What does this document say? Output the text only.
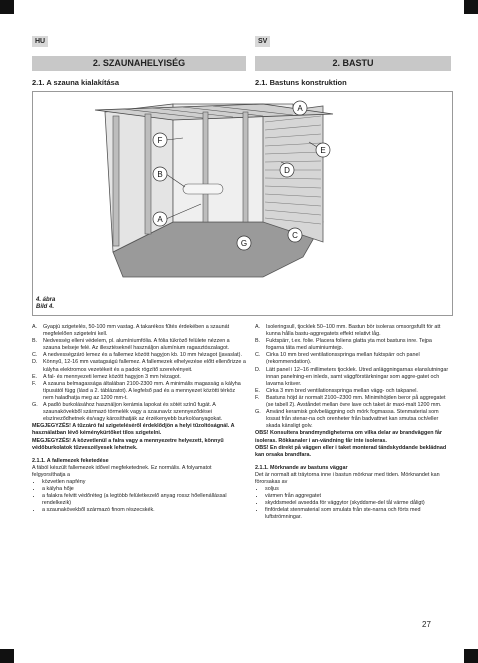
HU	SV
2. SZAUNAHELYISÉG	2. BASTU
2.1. A szauna kialakítása	2.1. Bastuns konstruktion
A
E
D
C
F
B
A
G
4. ábra
Bild 4.
A.	Gyapjú szigetelés, 50-100 mm vastag. A takarékos fűtés érdekében a szaunát megfelelően szigetelni kell.
B.	Nedvesség elleni védelem, pl. alumíniumfólia. A fólia tükröző felülete nézzen a szauna belseje felé. Az illesztéseknél használjon alumínium ragasztószalagot.
C.	A nedvességzáró lemez és a fallemez között hagyjon kb. 10 mm hézagot (javaslat).
D.	Könnyű, 12-16 mm vastagságú fallemez. A fallemezek elhelyezése előtt ellenőrizze a kályha elektromos vezetékeit és a padok rögzítő szerelvényeit.
E.	A fal- és mennyezeti lemez között hagyjon 3 mm hézagot.
F.	A szauna belmagassága általában 2100-2300 mm. A minimális magasság a kályha típusától függ (lásd a 2. táblázatot). A legfelső pad és a mennyezet közötti térköz nem haladhatja meg az 1200 mm-t.
G. A padló burkolásához használjon kerámia lapokat és sötét színű fugát. A szaunakövekből származó törmelék vagy a szaunavíz szennyeződései elszíneződhetnek és/vagy károsíthatják az érzékenyebb burkolóanyagokat.
MEGJEGYZÉS! A tűzzáró fal szigeteléséről érdeklődjön a helyi tűzoltóságnál. A használatban lévő kéménykürtőket tilos szigetelni.
MEGJEGYZÉS! A közvetlenül a falra vagy a mennyezetre helyezett, könnyű védőburkolatok tűzveszélyesek lehetnek.
2.1.1. A fallemezek feketedése
A fából készült fallemezek idővel megfeketednek. Ez normális. A folyamatot felgyorsíthatja a
• közvetlen napfény
• a kályha hője
• a falakra felvitt védőréteg (a legtöbb felületkezelő anyag rossz hőellenállással rendelkezik)
• a szaunakövekből származó finom részecskék.
A.	Isoleringsull, tjocklek 50–100 mm. Bastun bör isoleras omsorgsfullt för att kunna hålla bastu-aggregatets effekt relativt låg.
B.	Fuktspärr, t.ex. folie. Placera foliens glatta yta mot bastuns inre. Tejpa fogarna täta med aluminiumtejp.
C.	Cirka 10 mm bred ventilationsspringa mellan fuktspärr och panel (rekommendation).
D.	Lätt panel i 12–16 millimeters tjocklek. Utred anläggningarnas elanslutningar innan panelning-en inleds, samt väggförstärkningar som aggre-gatet och lavarna kräver.
E.	Cirka 3 mm bred ventilationsspringa mellan vägg- och takpanel.
F.	Bastuns höjd är normalt 2100–2300 mm. Minimihöjden beror på aggregatet (se tabell 2). Avståndet mellan övre lave och taket är maxi-malt 1200 mm.
G. Använd keramisk golvbeläggning och mörk fogmassa. Stenmaterial som lossat från stenar-na och orenheter från badvattnet kan smutsa och/eller skada känsligt golv.
OBS! Konsultera brandmyndigheterna om vilka delar av brandväggen får isoleras. Rökkanaler i an-vändning får inte isoleras.
OBS! En direkt på väggen eller i taket monterad tändskyddande beklädnad kan orsaka brandfara.
2.1.1. Mörknande av bastuns väggar
Det är normalt att träytorna inne i bastun mörknar med tiden. Mörknandet kan förorsakas av
• soljus
• värmen från aggregatet
• skyddsmedel avsedda för väggytor (skyddsme-del tål värme dåligt)
• finfördelat stenmaterial som smulats från ste-narna och förts med luftströmningar.
27
